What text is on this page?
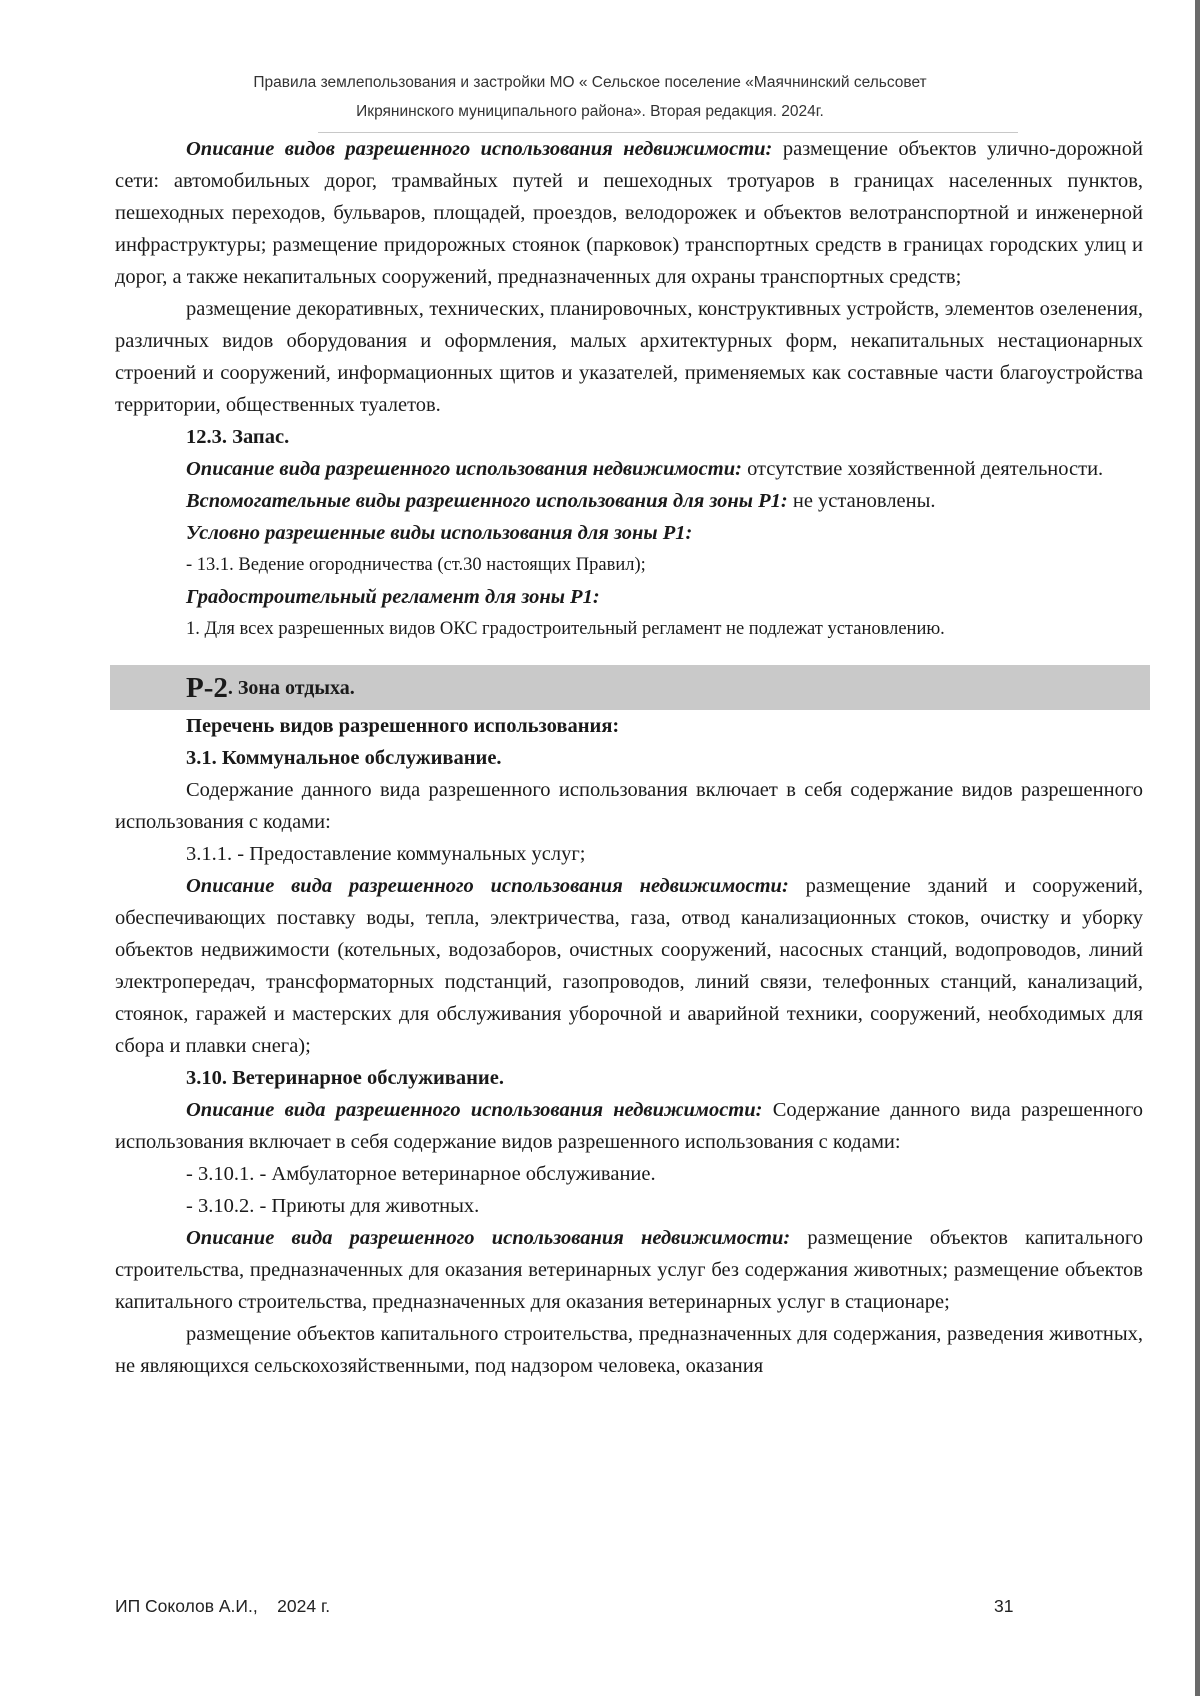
Правила землепользования и застройки МО « Сельское поселение «Маячнинский сельсовет
Икрянинского муниципального района». Вторая редакция. 2024г.

Описание видов разрешенного использования недвижимости: размещение объектов улично-дорожной сети: автомобильных дорог, трамвайных путей и пешеходных тротуаров в границах населенных пунктов, пешеходных переходов, бульваров, площадей, проездов, велодорожек и объектов велотранспортной и инженерной инфраструктуры; размещение придорожных стоянок (парковок) транспортных средств в границах городских улиц и дорог, а также некапитальных сооружений, предназначенных для охраны транспортных средств;

размещение декоративных, технических, планировочных, конструктивных устройств, элементов озеленения, различных видов оборудования и оформления, малых архитектурных форм, некапитальных нестационарных строений и сооружений, информационных щитов и указателей, применяемых как составные части благоустройства территории, общественных туалетов.

12.3. Запас.

Описание вида разрешенного использования недвижимости: отсутствие хозяйственной деятельности.

Вспомогательные виды разрешенного использования для зоны Р1: не установлены.

Условно разрешенные виды использования для зоны Р1:

- 13.1. Ведение огородничества (ст.30 настоящих Правил);

Градостроительный регламент для зоны Р1:

1. Для всех разрешенных видов ОКС градостроительный регламент не подлежат установлению.

Р-2 . Зона отдыха.

Перечень видов разрешенного использования:

3.1. Коммунальное обслуживание.

Содержание данного вида разрешенного использования включает в себя содержание видов разрешенного использования с кодами:

3.1.1. - Предоставление коммунальных услуг;

Описание вида разрешенного использования недвижимости: размещение зданий и сооружений, обеспечивающих поставку воды, тепла, электричества, газа, отвод канализационных стоков, очистку и уборку объектов недвижимости (котельных, водозаборов, очистных сооружений, насосных станций, водопроводов, линий электропередач, трансформаторных подстанций, газопроводов, линий связи, телефонных станций, канализаций, стоянок, гаражей и мастерских для обслуживания уборочной и аварийной техники, сооружений, необходимых для сбора и плавки снега);

3.10. Ветеринарное обслуживание.

Описание вида разрешенного использования недвижимости: Содержание данного вида разрешенного использования включает в себя содержание видов разрешенного использования с кодами:

- 3.10.1. - Амбулаторное ветеринарное обслуживание.

- 3.10.2. - Приюты для животных.

Описание вида разрешенного использования недвижимости: размещение объектов капитального строительства, предназначенных для оказания ветеринарных услуг без содержания животных; размещение объектов капитального строительства, предназначенных для оказания ветеринарных услуг в стационаре;

размещение объектов капитального строительства, предназначенных для содержания, разведения животных, не являющихся сельскохозяйственными, под надзором человека, оказания

ИП Соколов А.И.,    2024 г.	31
